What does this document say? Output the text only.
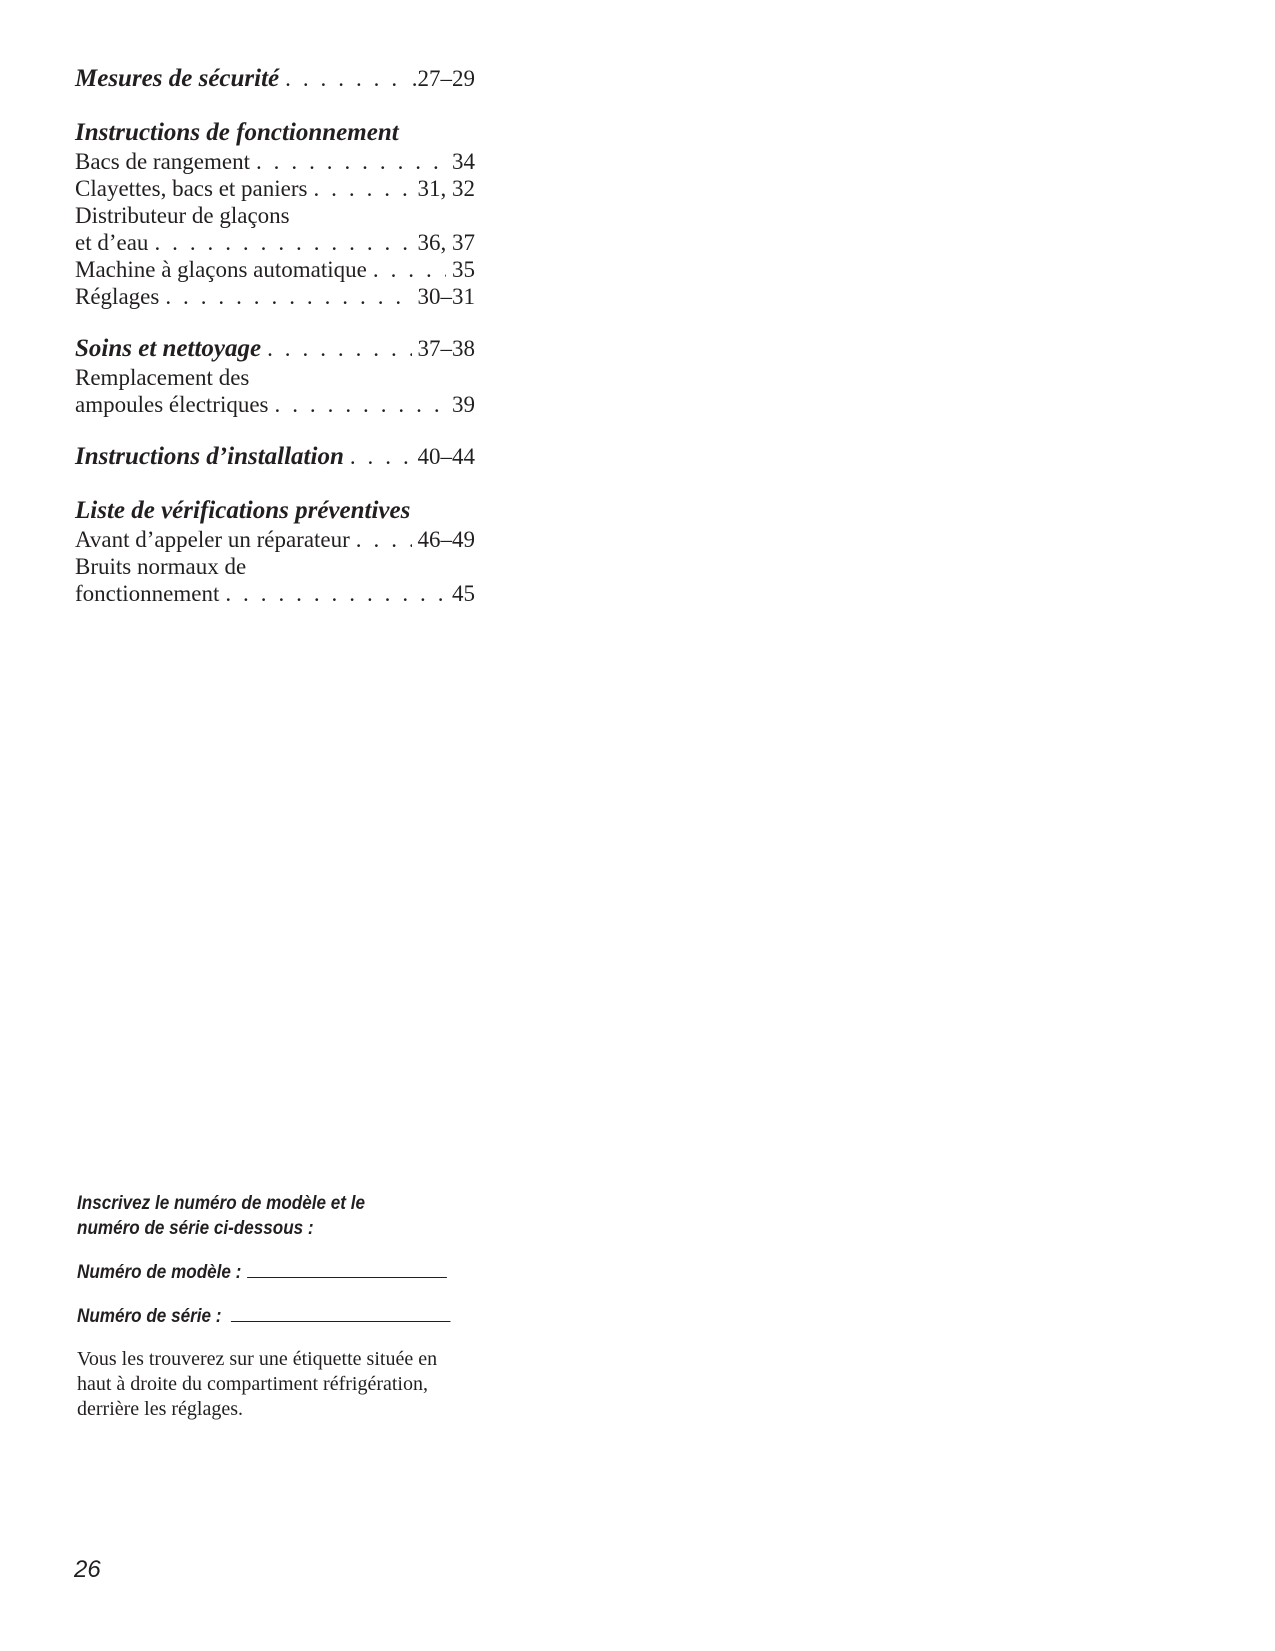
Mesures de sécurité . . .	.27–29
Instructions de fonctionnement
Bacs de rangement . . .	34
Clayettes, bacs et paniers . . .	31, 32
Distributeur de glaçons
et d’eau . . .	36, 37
Machine à glaçons automatique . . .	35
Réglages . . .	30–31
Soins et nettoyage . . .	37–38
Remplacement des
ampoules électriques . . .	39
Instructions d’installation . . .	40–44
Liste de vérifications préventives
Avant d’appeler un réparateur . . .	46–49
Bruits normaux de
fonctionnement . . .	45
Inscrivez le numéro de modèle et le
numéro de série ci-dessous :
Numéro de modèle :
Numéro de série :
Vous les trouverez sur une étiquette située en
haut à droite du compartiment réfrigération,
derrière les réglages.
26
